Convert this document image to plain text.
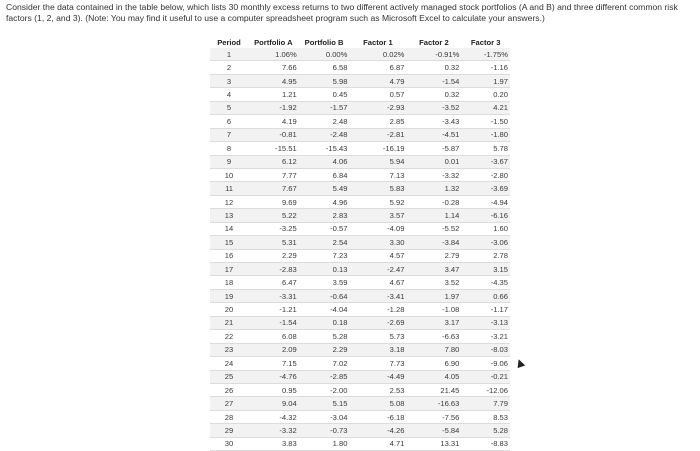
Consider the data contained in the table below, which lists 30 monthly excess returns to two different actively managed stock portfolios (A and B) and three different common risk factors (1, 2, and 3). (Note: You may find it useful to use a computer spreadsheet program such as Microsoft Excel to calculate your answers.)
Period	Portfolio A	Portfolio B	Factor 1	Factor 2	Factor 3
1	1.06%	0.00%	0.02%	-0.91%	-1.75%
2	7.66	6.58	6.87	0.32	-1.16
3	4.95	5.98	4.79	-1.54	1.97
4	1.21	0.45	0.57	0.32	0.20
5	-1.92	-1.57	-2.93	-3.52	4.21
6	4.19	2.48	2.85	-3.43	-1.50
7	-0.81	-2.48	-2.81	-4.51	-1.80
8	-15.51	-15.43	-16.19	-5.87	5.78
9	6.12	4.06	5.94	0.01	-3.67
10	7.77	6.84	7.13	-3.32	-2.80
11	7.67	5.49	5.83	1.32	-3.69
12	9.69	4.96	5.92	-0.28	-4.94
13	5.22	2.83	3.57	1.14	-6.16
14	-3.25	-0.57	-4.09	-5.52	1.60
15	5.31	2.54	3.30	-3.84	-3.06
16	2.29	7.23	4.57	2.79	2.78
17	-2.83	0.13	-2.47	3.47	3.15
18	6.47	3.59	4.67	3.52	-4.35
19	-3.31	-0.64	-3.41	1.97	0.66
20	-1.21	-4.04	-1.28	-1.08	-1.17
21	-1.54	0.18	-2.69	3.17	-3.13
22	6.08	5.28	5.73	-6.63	-3.21
23	2.09	2.29	3.18	7.80	-8.03
24	7.15	7.02	7.73	6.90	-9.06
25	-4.76	-2.85	-4.49	4.05	-0.21
26	0.95	-2.00	2.53	21.45	-12.06
27	9.04	5.15	5.08	-16.63	7.79
28	-4.32	-3.04	-6.18	-7.56	8.53
29	-3.32	-0.73	-4.26	-5.84	5.28
30	3.83	1.80	4.71	13.31	-8.83
